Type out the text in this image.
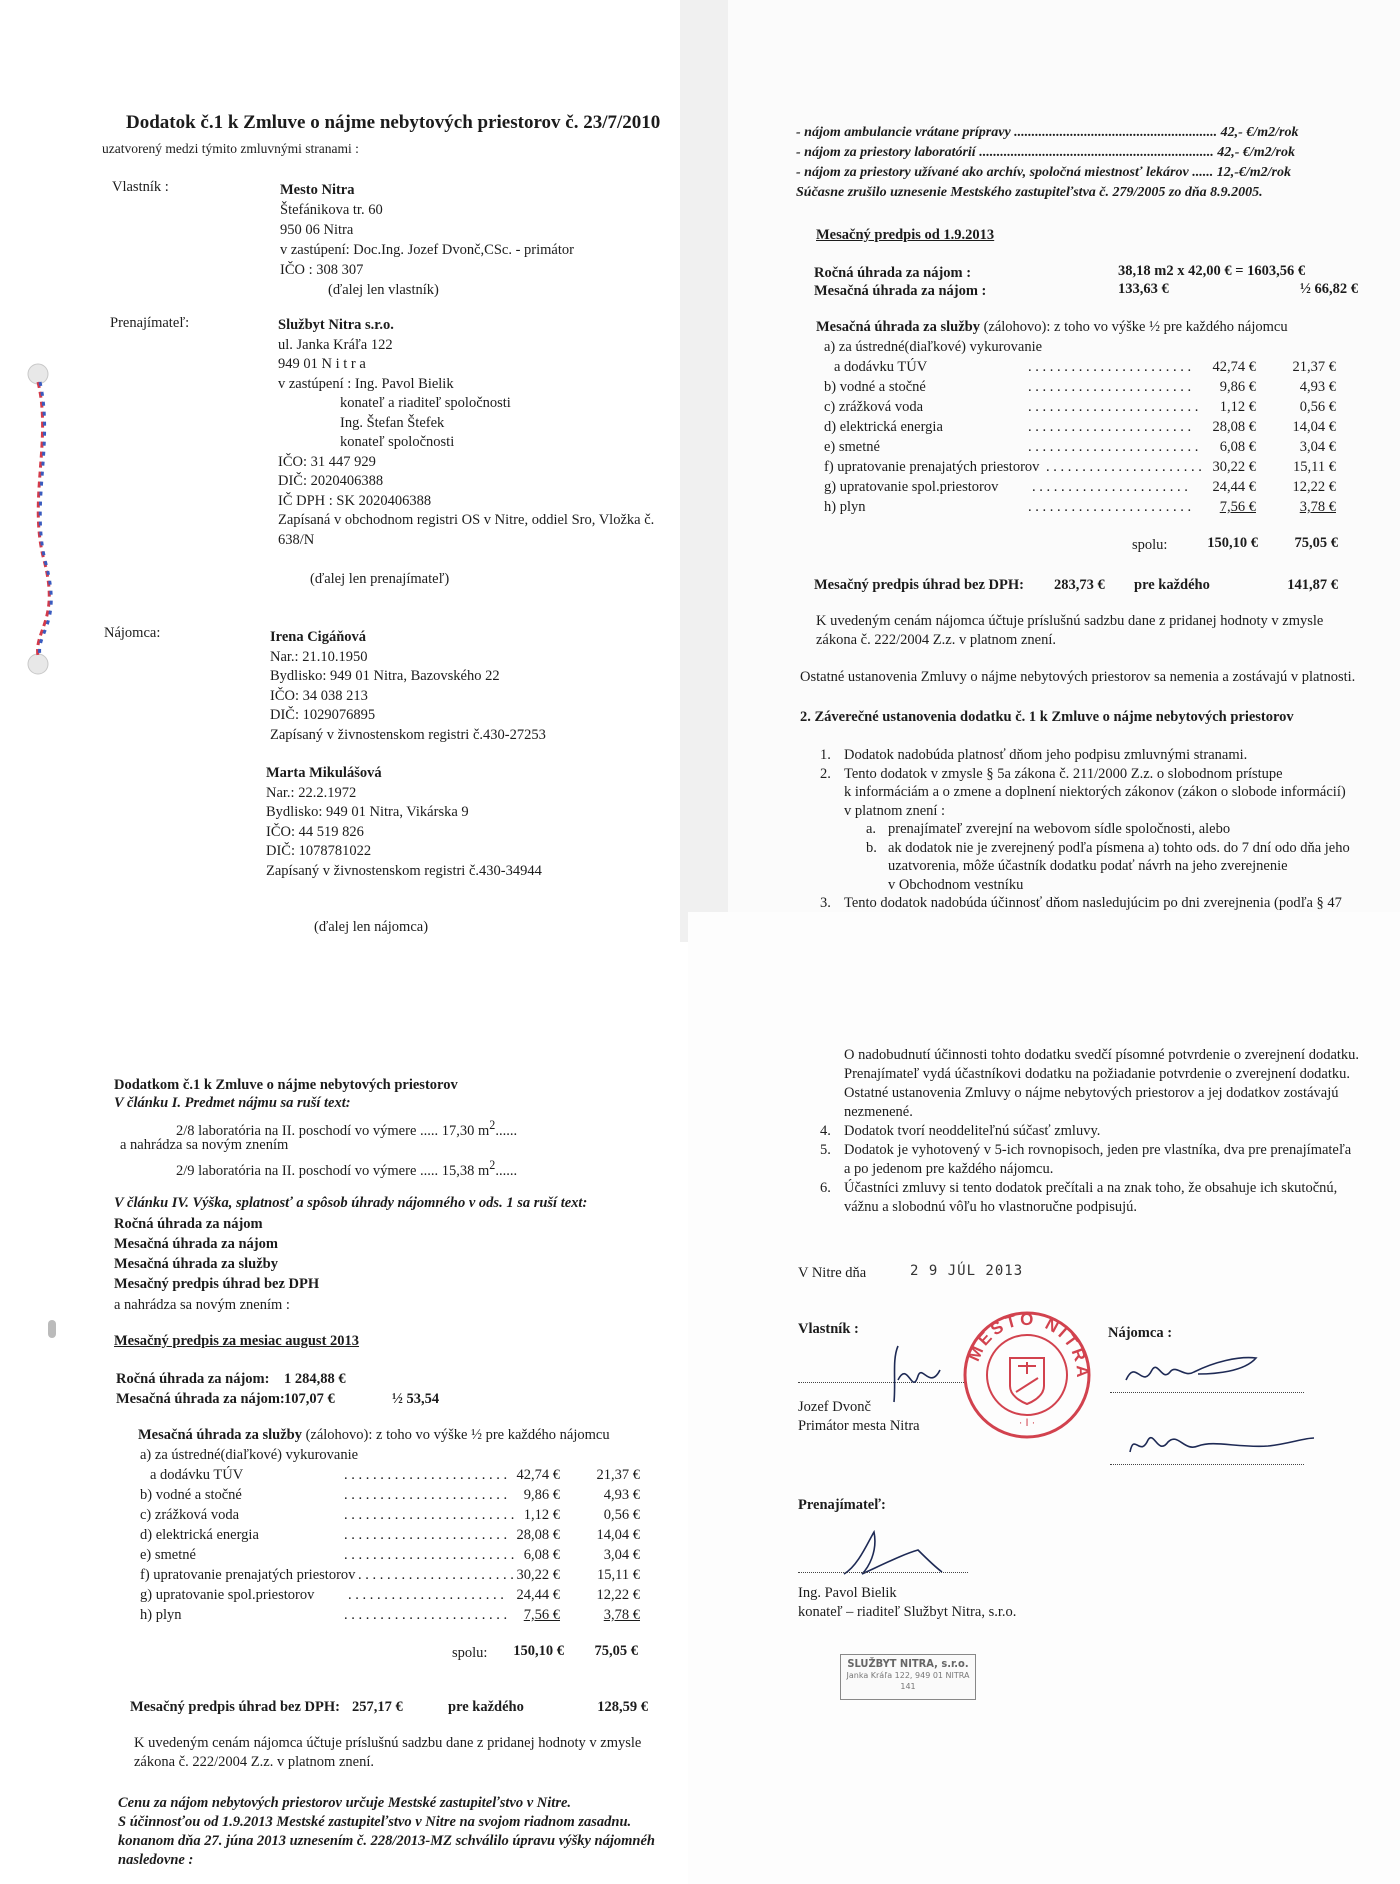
Dodatok č.1 k Zmluve o nájme nebytových priestorov č. 23/7/2010
uzatvorený medzi týmito zmluvnými stranami :
Vlastník :	Mesto Nitra
Štefánikova tr. 60
950 06 Nitra
v zastúpení: Doc.Ing. Jozef Dvonč,CSc. - primátor
IČO : 308 307
(ďalej len vlastník)
Prenajímateľ:	Službyt Nitra s.r.o.
ul. Janka Kráľa 122
949 01 N i t r a
v zastúpení : Ing. Pavol Bielik
konateľ a riaditeľ spoločnosti
Ing. Štefan Štefek
konateľ spoločnosti
IČO: 31 447 929
DIČ: 2020406388
IČ DPH : SK 2020406388
Zapísaná v obchodnom registri OS v Nitre, oddiel Sro, Vložka č.
638/N
(ďalej len prenajímateľ)
Nájomca:	Irena Cigáňová
Nar.: 21.10.1950
Bydlisko: 949 01 Nitra, Bazovského 22
IČO: 34 038 213
DIČ: 1029076895
Zapísaný v živnostenskom registri č.430-27253
Marta Mikulášová
Nar.: 22.2.1972
Bydlisko: 949 01 Nitra, Vikárska 9
IČO: 44 519 826
DIČ: 1078781022
Zapísaný v živnostenskom registri č.430-34944
(ďalej len nájomca)
- nájom ambulancie vrátane prípravy .......................................................... 42,- €/m2/rok
- nájom za priestory laboratórií ................................................................... 42,- €/m2/rok
- nájom za priestory užívané ako archív, spoločná miestnosť lekárov ...... 12,-€/m2/rok
Súčasne zrušilo uznesenie Mestského zastupiteľstva č. 279/2005 zo dňa 8.9.2005.
Mesačný predpis od 1.9.2013
Ročná úhrada za nájom :	38,18 m2 x 42,00 € = 1603,56 €
Mesačná úhrada za nájom :	133,63 €	½ 66,82 €
Mesačná úhrada za služby (zálohovo): z toho vo výške ½ pre každého nájomcu
a) za ústredné(diaľkové) vykurovanie
a dodávku TÚV	. . . . . . . . . . . . . . . . . . . . . . .	42,74 €	21,37 €
b) vodné a stočné	. . . . . . . . . . . . . . . . . . . . . . .	9,86 €	4,93 €
c) zrážková voda	. . . . . . . . . . . . . . . . . . . . . . . .	1,12 €	0,56 €
d) elektrická energia	. . . . . . . . . . . . . . . . . . . . . . .	28,08 €	14,04 €
e) smetné	. . . . . . . . . . . . . . . . . . . . . . . .	6,08 €	3,04 €
f) upratovanie prenajatých priestorov . . . . . . . . . . . . . . . . . . . . . . 30,22 €	15,11 €
g) upratovanie spol.priestorov . . . . . . . . . . . . . . . . . . . . . .	24,44 €	12,22 €
h) plyn	. . . . . . . . . . . . . . . . . . . . . . .	7,56 €	3,78 €
spolu:	150,10 €	75,05 €
Mesačný predpis úhrad bez DPH: 283,73 € pre každého	141,87 €
K uvedeným cenám nájomca účtuje príslušnú sadzbu dane z pridanej hodnoty v zmysle
zákona č. 222/2004 Z.z. v platnom znení.
Ostatné ustanovenia Zmluvy o nájme nebytových priestorov sa nemenia a zostávajú v platnosti.
2. Záverečné ustanovenia dodatku č. 1 k Zmluve o nájme nebytových priestorov
1. Dodatok nadobúda platnosť dňom jeho podpisu zmluvnými stranami.
2. Tento dodatok v zmysle § 5a zákona č. 211/2000 Z.z. o slobodnom prístupe
k informáciám a o zmene a doplnení niektorých zákonov (zákon o slobode informácií)
v platnom znení :
a. prenajímateľ zverejní na webovom sídle spoločnosti, alebo
b. ak dodatok nie je zverejnený podľa písmena a) tohto ods. do 7 dní odo dňa jeho
uzatvorenia, môže účastník dodatku podať návrh na jeho zverejnenie
v Obchodnom vestníku
3. Tento dodatok nadobúda účinnosť dňom nasledujúcim po dni zverejnenia (podľa § 47
Dodatkom č.1 k Zmluve o nájme nebytových priestorov
V článku I. Predmet nájmu sa ruší text:
2/8 laboratória na II. poschodí vo výmere ..... 17,30 $m^2$......
a nahrádza sa novým znením
2/9 laboratória na II. poschodí vo výmere ..... 15,38 $m^2$......
V článku IV. Výška, splatnosť a spôsob úhrady nájomného v ods. 1 sa ruší text:
Ročná úhrada za nájom
Mesačná úhrada za nájom
Mesačná úhrada za služby
Mesačný predpis úhrad bez DPH
a nahrádza sa novým znením :
Mesačný predpis za mesiac august 2013
Ročná úhrada za nájom: 1 284,88 €
Mesačná úhrada za nájom: 107,07 €	½ 53,54
Mesačná úhrada za služby (zálohovo): z toho vo výške ½ pre každého nájomcu
a) za ústredné(diaľkové) vykurovanie
a dodávku TÚV	. . . . . . . . . . . . . . . . . . . . . . . 42,74 €	21,37 €
b) vodné a stočné	. . . . . . . . . . . . . . . . . . . . . . .	9,86 €	4,93 €
c) zrážková voda	. . . . . . . . . . . . . . . . . . . . . . . . 1,12 €	0,56 €
d) elektrická energia	. . . . . . . . . . . . . . . . . . . . . . . 28,08 €	14,04 €
e) smetné	. . . . . . . . . . . . . . . . . . . . . . . . 6,08 €	3,04 €
f) upratovanie prenajatých priestorov . . . . . . . . . . . . . . . . . . . . . . 30,22 €	15,11 €
g) upratovanie spol.priestorov . . . . . . . . . . . . . . . . . . . . . . 24,44 €	12,22 €
h) plyn	. . . . . . . . . . . . . . . . . . . . . . .	7,56 €	3,78 €
spolu:	150,10 €	75,05 €
Mesačný predpis úhrad bez DPH: 257,17 €	pre každého	128,59 €
K uvedeným cenám nájomca účtuje príslušnú sadzbu dane z pridanej hodnoty v zmysle
zákona č. 222/2004 Z.z. v platnom znení.
Cenu za nájom nebytových priestorov určuje Mestské zastupiteľstvo v Nitre.
S účinnosťou od 1.9.2013 Mestské zastupiteľstvo v Nitre na svojom riadnom zasadnu.
konanom dňa 27. júna 2013 uznesením č. 228/2013-MZ schválilo úpravu výšky nájomnéh
nasledovne :
O nadobudnutí účinnosti tohto dodatku svedčí písomné potvrdenie o zverejnení dodatku.
Prenajímateľ vydá účastníkovi dodatku na požiadanie potvrdenie o zverejnení dodatku.
Ostatné ustanovenia Zmluvy o nájme nebytových priestorov a jej dodatkov zostávajú
nezmenené.
4. Dodatok tvorí neoddeliteľnú súčasť zmluvy.
5. Dodatok je vyhotovený v 5-ich rovnopisoch, jeden pre vlastníka, dva pre prenajímateľa
a po jedenom pre každého nájomcu.
6. Účastníci zmluvy si tento dodatok prečítali a na znak toho, že obsahuje ich skutočnú,
vážnu a slobodnú vôľu ho vlastnoručne podpisujú.
V Nitre dňa	2 9 JÚL 2013
Vlastník :	Nájomca :
Jozef Dvonč
Primátor mesta Nitra
MESTO NITRA
· I ·
Prenajímateľ:
Ing. Pavol Bielik
konateľ – riaditeľ Službyt Nitra, s.r.o.
SLUŽBYT NITRA, s.r.o.
Janka Kráľa 122, 949 01 NITRA
141
